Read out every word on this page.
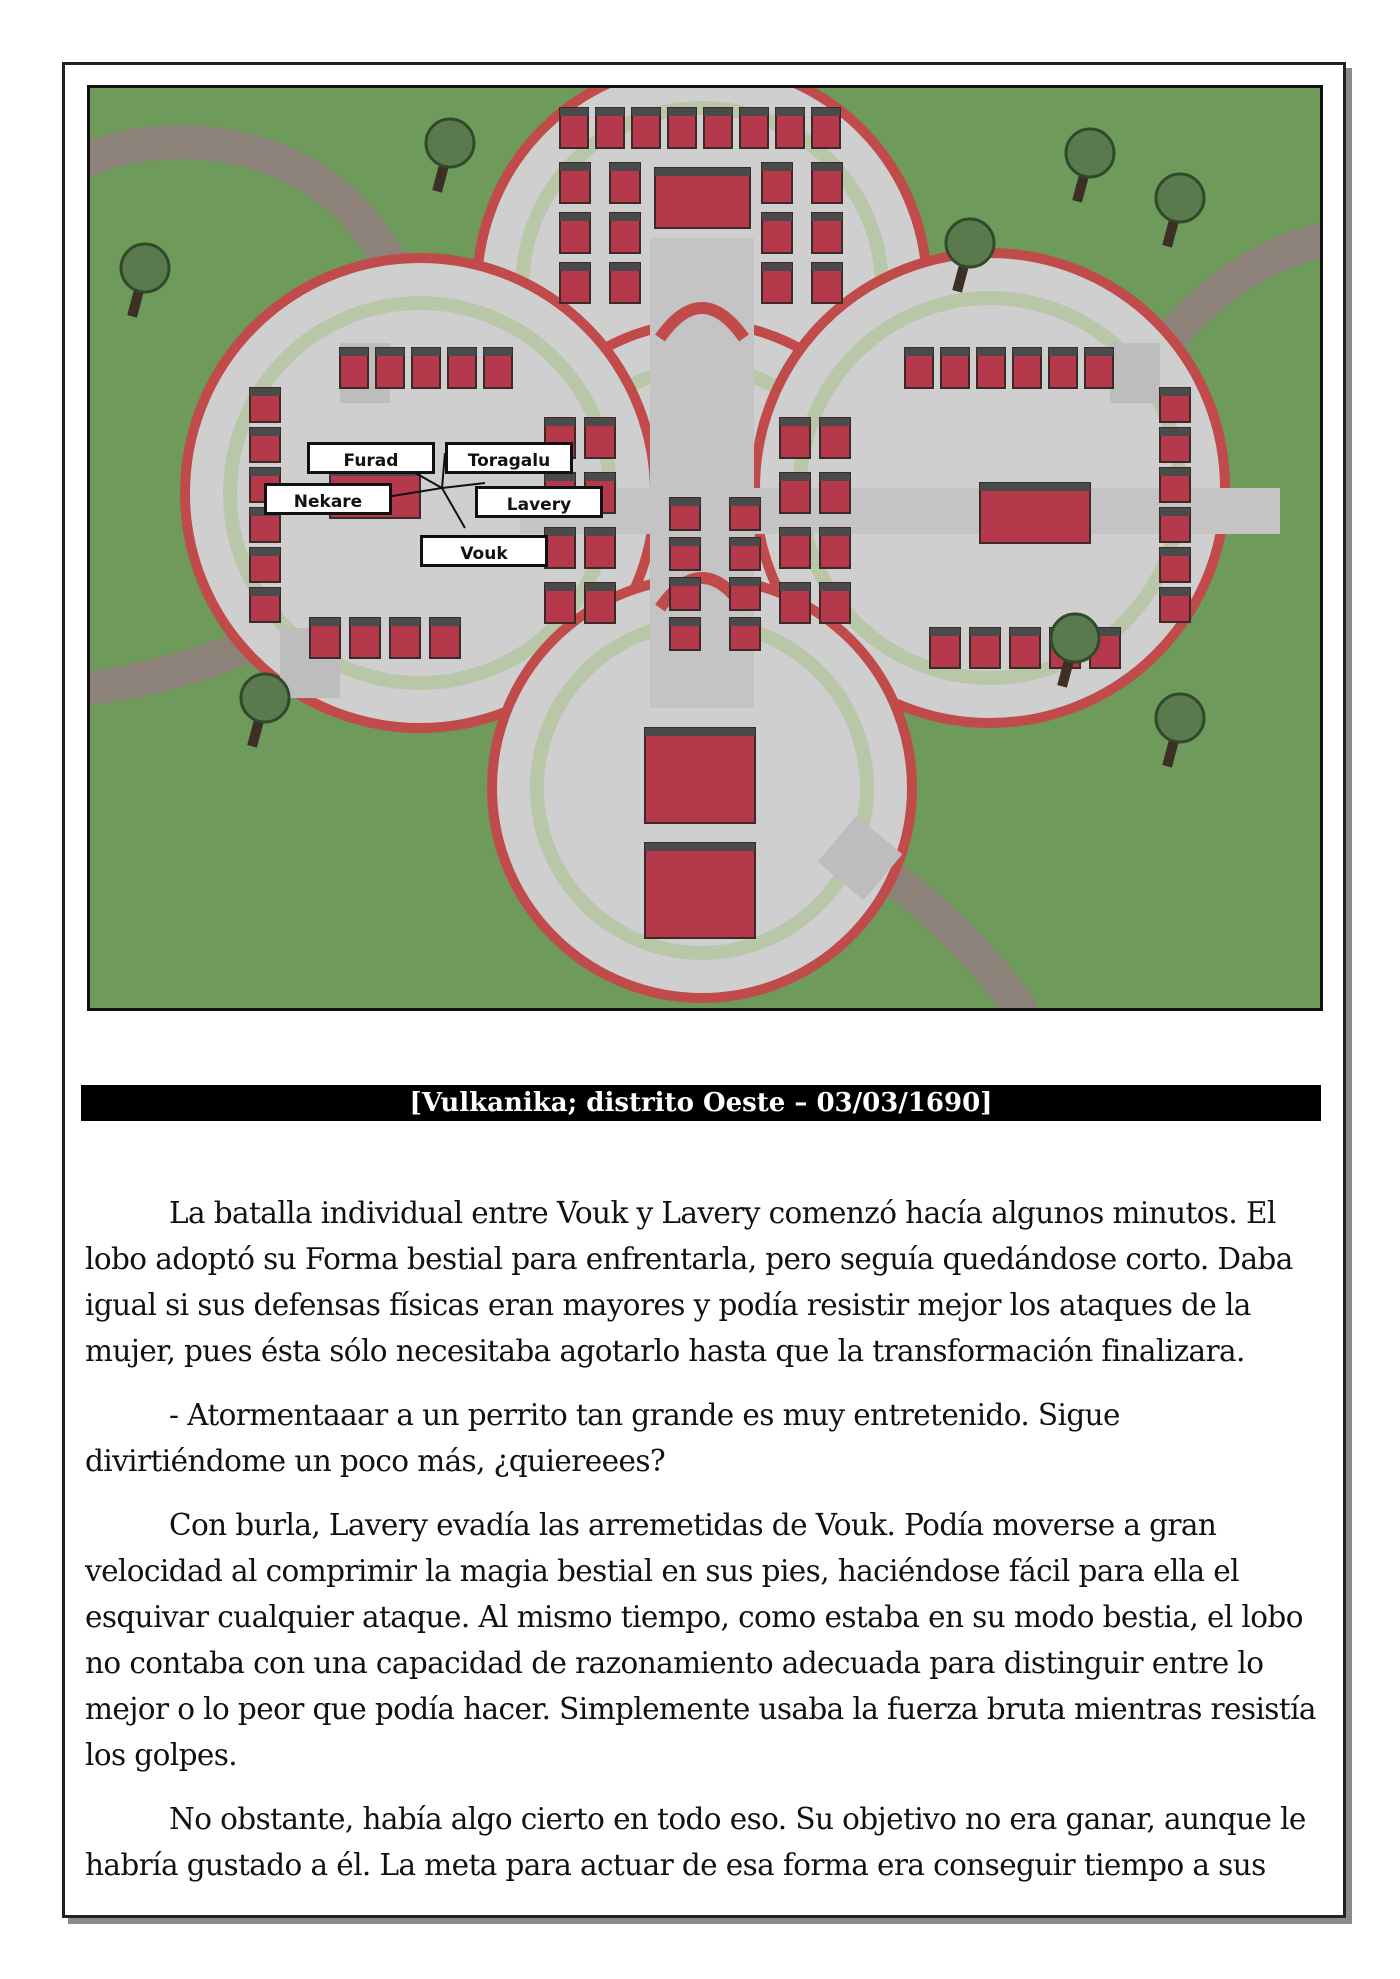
Furad	Toragalu
Nekare	Lavery
Vouk
[Vulkanika; distrito Oeste – 03/03/1690]

La batalla individual entre Vouk y Lavery comenzó hacía algunos minutos. El lobo adoptó su Forma bestial para enfrentarla, pero seguía quedándose corto. Daba igual si sus defensas físicas eran mayores y podía resistir mejor los ataques de la mujer, pues ésta sólo necesitaba agotarlo hasta que la transformación finalizara.

- Atormentaaar a un perrito tan grande es muy entretenido. Sigue divirtiéndome un poco más, ¿quiereees?

Con burla, Lavery evadía las arremetidas de Vouk. Podía moverse a gran velocidad al comprimir la magia bestial en sus pies, haciéndose fácil para ella el esquivar cualquier ataque. Al mismo tiempo, como estaba en su modo bestia, el lobo no contaba con una capacidad de razonamiento adecuada para distinguir entre lo mejor o lo peor que podía hacer. Simplemente usaba la fuerza bruta mientras resistía los golpes.

No obstante, había algo cierto en todo eso. Su objetivo no era ganar, aunque le habría gustado a él. La meta para actuar de esa forma era conseguir tiempo a sus
